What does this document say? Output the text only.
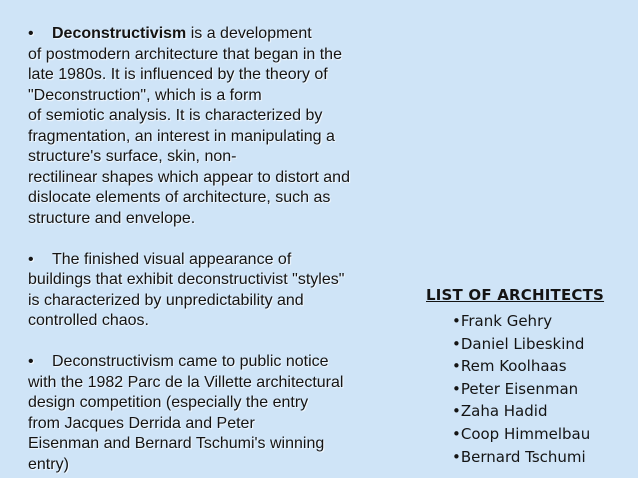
• Deconstructivism is a development
of postmodern architecture that began in the
late 1980s. It is influenced by the theory of
"Deconstruction", which is a form
of semiotic analysis. It is characterized by
fragmentation, an interest in manipulating a
structure's surface, skin, non-
rectilinear shapes which appear to distort and
dislocate elements of architecture, such as
structure and envelope.
• The finished visual appearance of
buildings that exhibit deconstructivist "styles"
is characterized by unpredictability and
controlled chaos.
• Deconstructivism came to public notice
with the 1982 Parc de la Villette architectural
design competition (especially the entry
from Jacques Derrida and Peter
Eisenman and Bernard Tschumi's winning
entry)
LIST OF ARCHITECTS
•Frank Gehry
•Daniel Libeskind
•Rem Koolhaas
•Peter Eisenman
•Zaha Hadid
•Coop Himmelbau
•Bernard Tschumi
